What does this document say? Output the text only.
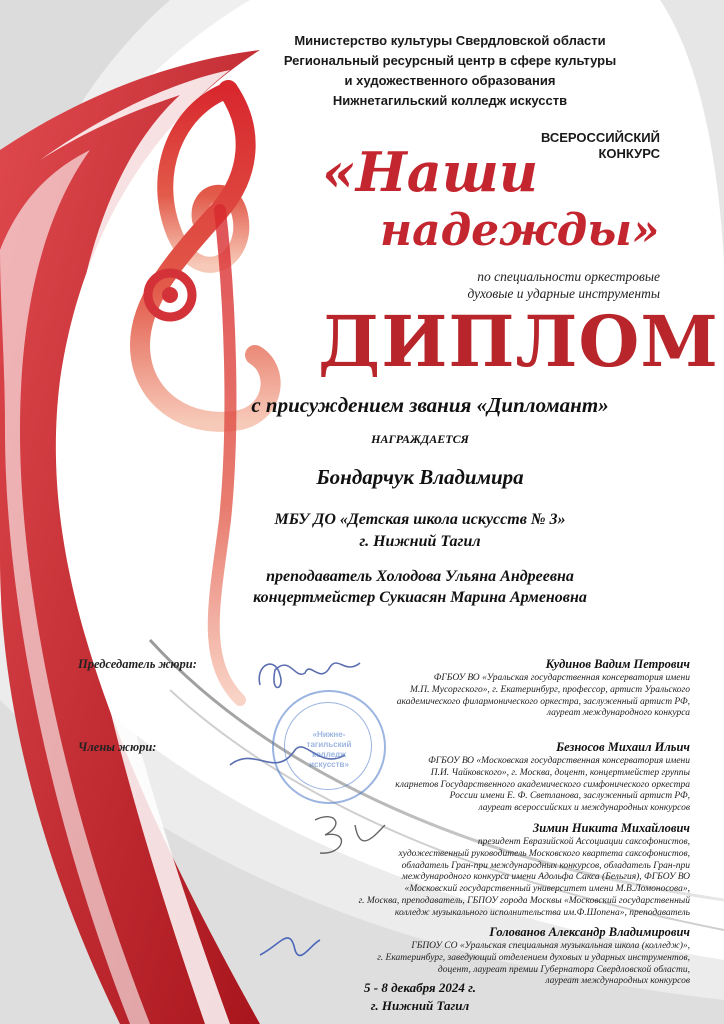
Министерство культуры Свердловской области
Региональный ресурсный центр в сфере культуры
и художественного образования
Нижнетагильский колледж искусств
ВСЕРОССИЙСКИЙ
КОНКУРС
«Наши
надежды»
по специальности оркестровые
духовые и ударные инструменты
ДИПЛОМ
с присуждением звания «Дипломант»
НАГРАЖДАЕТСЯ
Бондарчук Владимира
МБУ ДО «Детская школа искусств № 3»
г. Нижний Тагил
преподаватель Холодова Ульяна Андреевна
концертмейстер Сукиасян Марина Арменовна
Председатель жюри:
Члены жюри:
Кудинов Вадим Петрович
ФГБОУ ВО «Уральская государственная консерватория имени
М.П. Мусоргского», г. Екатеринбург, профессор, артист Уральского
академического филармонического оркестра, заслуженный артист РФ,
лауреат международного конкурса
Безносов Михаил Ильич
ФГБОУ ВО «Московская государственная консерватория имени
П.И. Чайковского», г. Москва, доцент, концертмейстер группы
кларнетов Государственного академического симфонического оркестра
России имени Е. Ф. Светланова, заслуженный артист РФ,
лауреат всероссийских и международных конкурсов
Зимин Никита Михайлович
президент Евразийской Ассоциации саксофонистов,
художественный руководитель Московского квартета саксофонистов,
обладатель Гран-при международных конкурсов, обладатель Гран-при
международного конкурса имени Адольфа Сакса (Бельгия), ФГБОУ ВО
«Московский государственный университет имени М.В.Ломоносова»,
г. Москва, преподаватель, ГБПОУ города Москвы «Московский государственный
колледж музыкального исполнительства им.Ф.Шопена», преподаватель
Голованов Александр Владимирович
ГБПОУ СО «Уральская специальная музыкальная школа (колледж)»,
г. Екатеринбург, заведующий отделением духовых и ударных инструментов,
доцент, лауреат премии Губернатора Свердловской области,
лауреат международных конкурсов
«Нижне-тагильский колледж искусств»
5 - 8 декабря 2024 г.
г. Нижний Тагил
